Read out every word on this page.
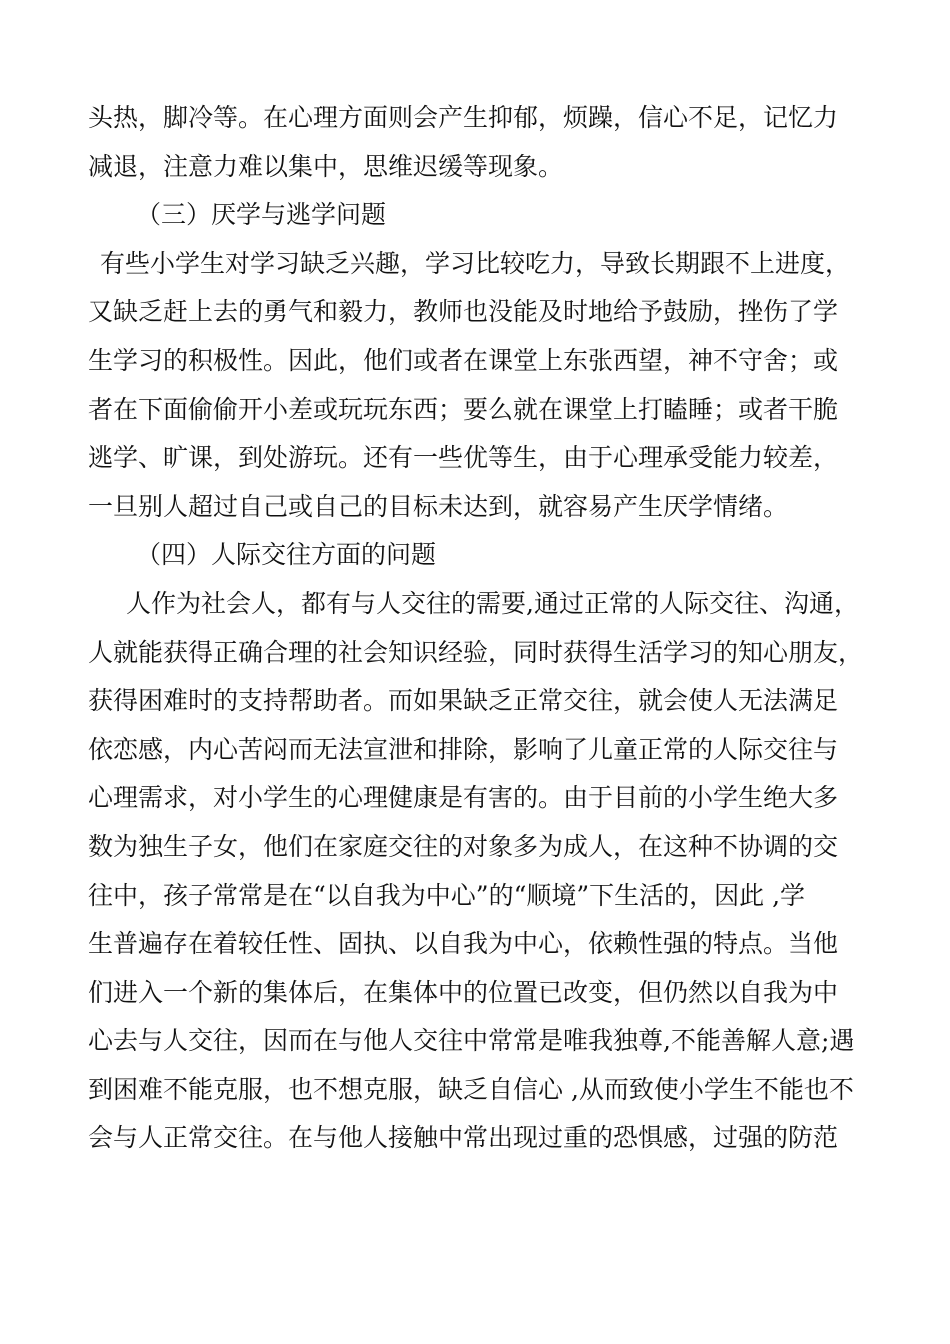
头热，脚冷等。在心理方面则会产生抑郁，烦躁，信心不足，记忆力
减退，注意力难以集中，思维迟缓等现象。
（三）厌学与逃学问题
有些小学生对学习缺乏兴趣，学习比较吃力，导致长期跟不上进度，
又缺乏赶上去的勇气和毅力，教师也没能及时地给予鼓励，挫伤了学
生学习的积极性。因此，他们或者在课堂上东张西望，神不守舍；或
者在下面偷偷开小差或玩玩东西；要么就在课堂上打瞌睡；或者干脆
逃学、旷课，到处游玩。还有一些优等生，由于心理承受能力较差，
一旦别人超过自己或自己的目标未达到，就容易产生厌学情绪。
（四）人际交往方面的问题
人作为社会人，都有与人交往的需要,通过正常的人际交往、沟通，
人就能获得正确合理的社会知识经验，同时获得生活学习的知心朋友，
获得困难时的支持帮助者。而如果缺乏正常交往，就会使人无法满足
依恋感，内心苦闷而无法宣泄和排除，影响了儿童正常的人际交往与
心理需求，对小学生的心理健康是有害的。由于目前的小学生绝大多
数为独生子女，他们在家庭交往的对象多为成人，在这种不协调的交
往中，孩子常常是在“以自我为中心”的“顺境”下生活的，因此 ,学
生普遍存在着较任性、固执、以自我为中心，依赖性强的特点。当他
们进入一个新的集体后，在集体中的位置已改变，但仍然以自我为中
心去与人交往，因而在与他人交往中常常是唯我独尊,不能善解人意;遇
到困难不能克服，也不想克服，缺乏自信心 ,从而致使小学生不能也不
会与人正常交往。在与他人接触中常出现过重的恐惧感，过强的防范
